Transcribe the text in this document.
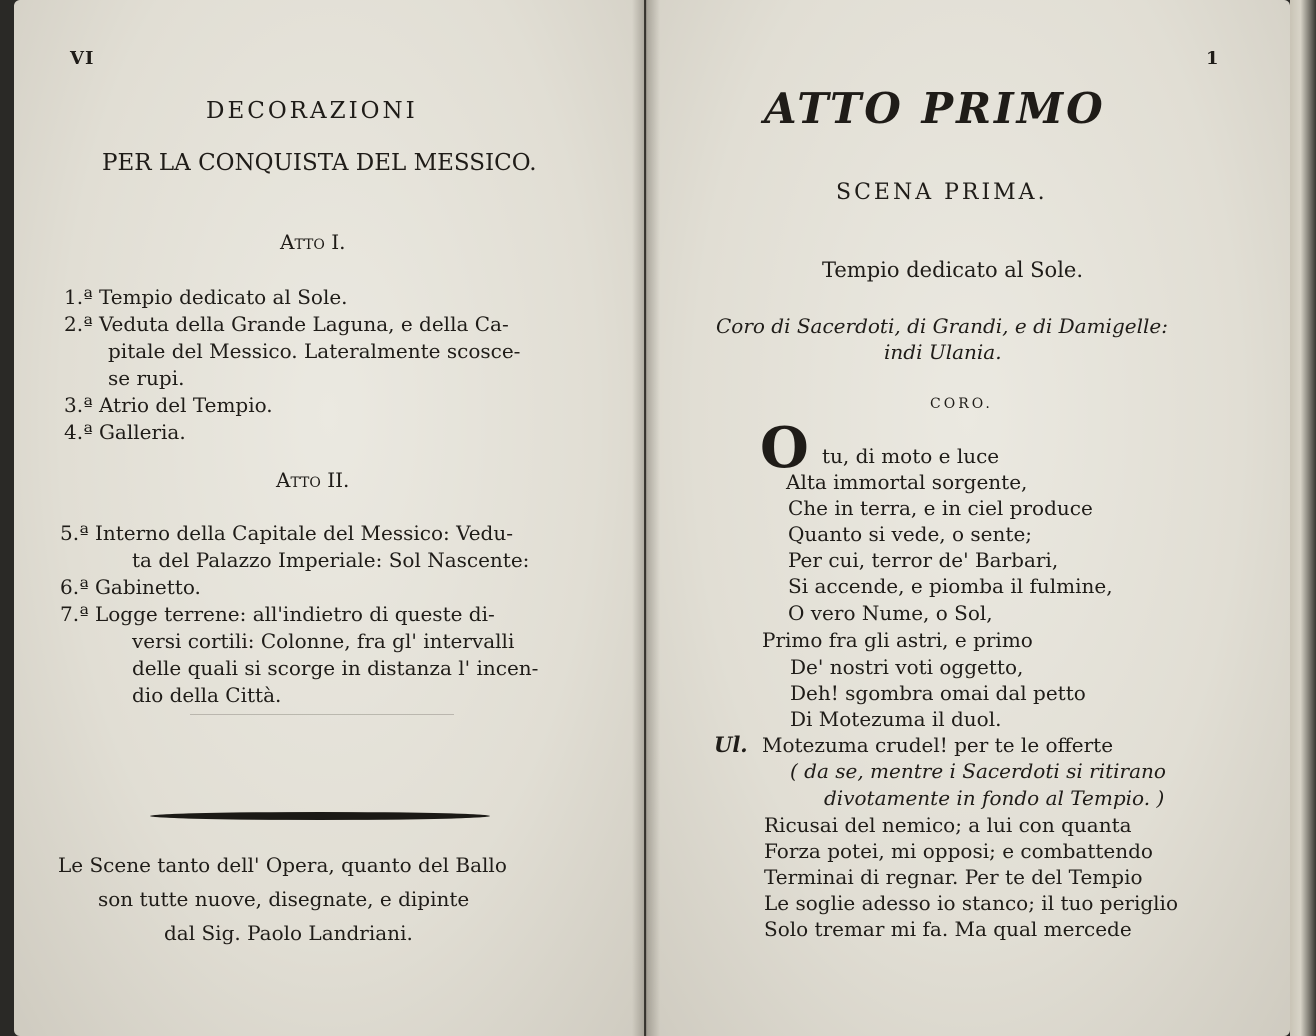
VI
DECORAZIONI
PER LA CONQUISTA DEL MESSICO.
Atto I.
1.ª Tempio dedicato al Sole.
2.ª Veduta della Grande Laguna, e della Ca-
pitale del Messico. Lateralmente scosce-
se rupi.
3.ª Atrio del Tempio.
4.ª Galleria.
Atto II.
5.ª Interno della Capitale del Messico: Vedu-
ta del Palazzo Imperiale: Sol Nascente:
6.ª Gabinetto.
7.ª Logge terrene: all'indietro di queste di-
versi cortili: Colonne, fra gl' intervalli
delle quali si scorge in distanza l' incen-
dio della Città.
Le Scene tanto dell' Opera, quanto del Ballo
son tutte nuove, disegnate, e dipinte
dal Sig. Paolo Landriani.
1
ATTO PRIMO
SCENA PRIMA.
Tempio dedicato al Sole.
Coro di Sacerdoti, di Grandi, e di Damigelle:
indi Ulania.
CORO.
O tu, di moto e luce
Alta immortal sorgente,
Che in terra, e in ciel produce
Quanto si vede, o sente;
Per cui, terror de' Barbari,
Si accende, e piomba il fulmine,
O vero Nume, o Sol,
Primo fra gli astri, e primo
De' nostri voti oggetto,
Deh! sgombra omai dal petto
Di Motezuma il duol.
Ul. Motezuma crudel! per te le offerte
( da se, mentre i Sacerdoti si ritirano
divotamente in fondo al Tempio. )
Ricusai del nemico; a lui con quanta
Forza potei, mi opposi; e combattendo
Terminai di regnar. Per te del Tempio
Le soglie adesso io stanco; il tuo periglio
Solo tremar mi fa. Ma qual mercede
